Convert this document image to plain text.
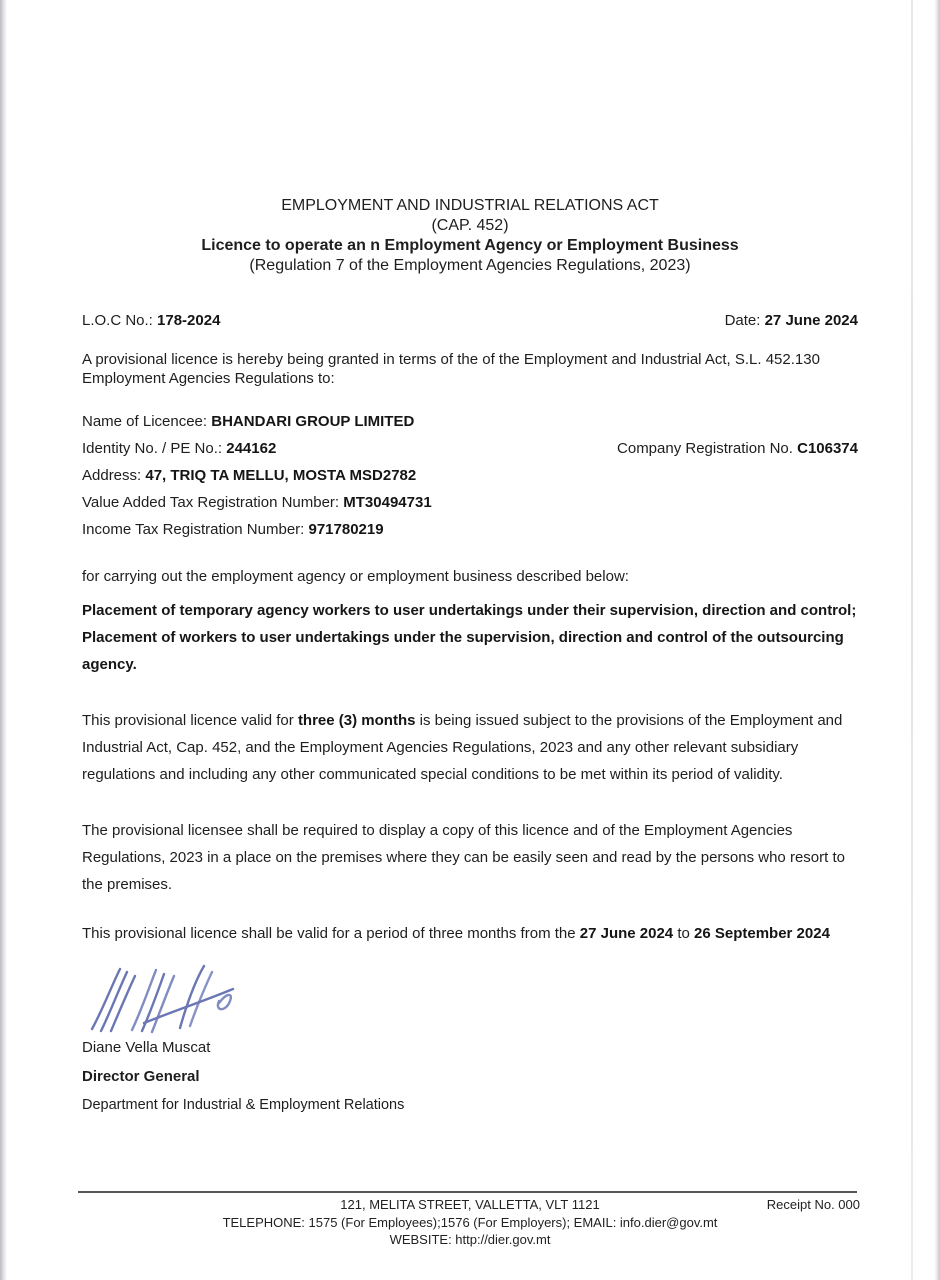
EMPLOYMENT AND INDUSTRIAL RELATIONS ACT
(CAP. 452)
Licence to operate an n Employment Agency or Employment Business
(Regulation 7 of the Employment Agencies Regulations, 2023)
L.O.C No.: 178-2024	Date: 27 June 2024

A provisional licence is hereby being granted in terms of the of the Employment and Industrial Act, S.L. 452.130
Employment Agencies Regulations to:

Name of Licencee: BHANDARI GROUP LIMITED
Identity No. / PE No.: 244162	Company Registration No. C106374
Address: 47, TRIQ TA MELLU, MOSTA MSD2782
Value Added Tax Registration Number: MT30494731
Income Tax Registration Number: 971780219

for carrying out the employment agency or employment business described below:

Placement of temporary agency workers to user undertakings under their supervision, direction and control;

Placement of workers to user undertakings under the supervision, direction and control of the outsourcing agency.

This provisional licence valid for three (3) months is being issued subject to the provisions of the Employment and Industrial Act, Cap. 452, and the Employment Agencies Regulations, 2023 and any other relevant subsidiary regulations and including any other communicated special conditions to be met within its period of validity.

The provisional licensee shall be required to display a copy of this licence and of the Employment Agencies Regulations, 2023 in a place on the premises where they can be easily seen and read by the persons who resort to the premises.

This provisional licence shall be valid for a period of three months from the 27 June 2024 to 26 September 2024

Diane Vella Muscat
Director General
Department for Industrial & Employment Relations
121, MELITA STREET, VALLETTA, VLT 1121
TELEPHONE: 1575 (For Employees);1576 (For Employers); EMAIL: info.dier@gov.mt
WEBSITE: http://dier.gov.mt
Receipt No. 000
